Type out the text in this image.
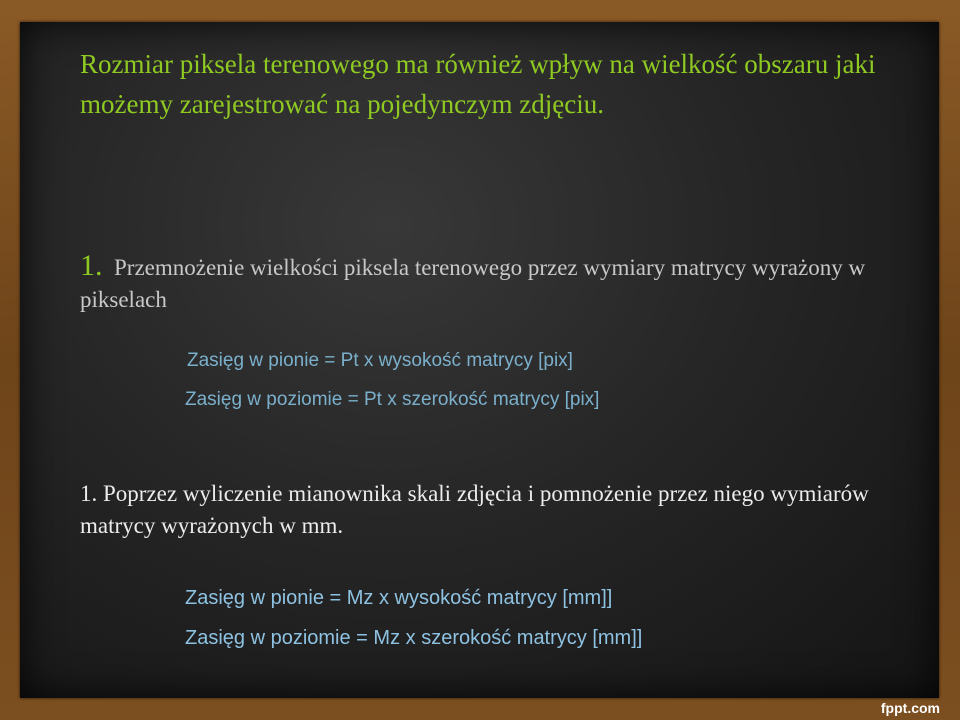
Rozmiar piksela terenowego ma również wpływ na wielkość obszaru jaki możemy zarejestrować na pojedynczym zdjęciu.

1. Przemnożenie wielkości piksela terenowego przez wymiary matrycy wyrażony w pikselach

Zasięg w pionie = Pt x wysokość matrycy [pix]

Zasięg w poziomie = Pt x szerokość matrycy [pix]

1. Poprzez wyliczenie mianownika skali zdjęcia i pomnożenie przez niego wymiarów matrycy wyrażonych w mm.

Zasięg w pionie = Mz x wysokość matrycy [mm]]

Zasięg w poziomie = Mz x szerokość matrycy [mm]]

fppt.com
